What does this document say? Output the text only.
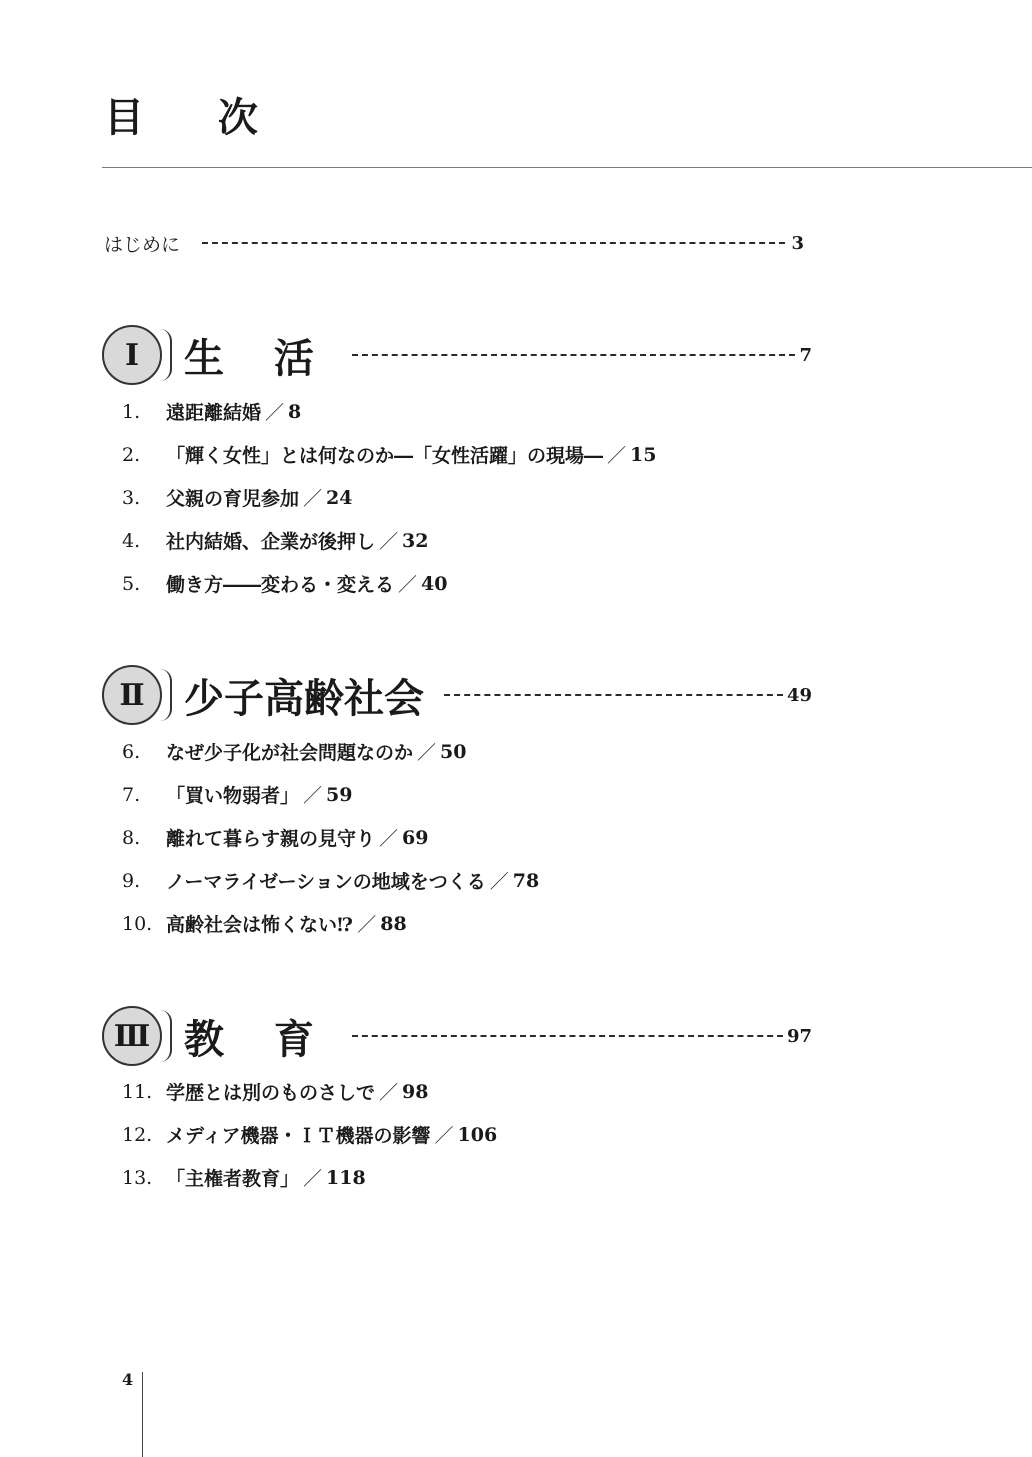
目 次
はじめに	3
Ⅰ	生 活	7
1.	遠距離結婚 ／ 8
2.	「輝く女性」とは何なのか―「女性活躍」の現場― ／ 15
3.	父親の育児参加 ／ 24
4.	社内結婚、企業が後押し ／ 32
5.	働き方――変わる・変える ／ 40
Ⅱ 少子高齢社会	49
6.	なぜ少子化が社会問題なのか ／ 50
7.	「買い物弱者」 ／ 59
8.	離れて暮らす親の見守り ／ 69
9.	ノーマライゼーションの地域をつくる ／ 78
10. 高齢社会は怖くない⁉ ／ 88
Ⅲ 教 育	97
11. 学歴とは別のものさしで ／ 98
12. メディア機器・ＩＴ機器の影響 ／ 106
13. 「主権者教育」 ／ 118
4
